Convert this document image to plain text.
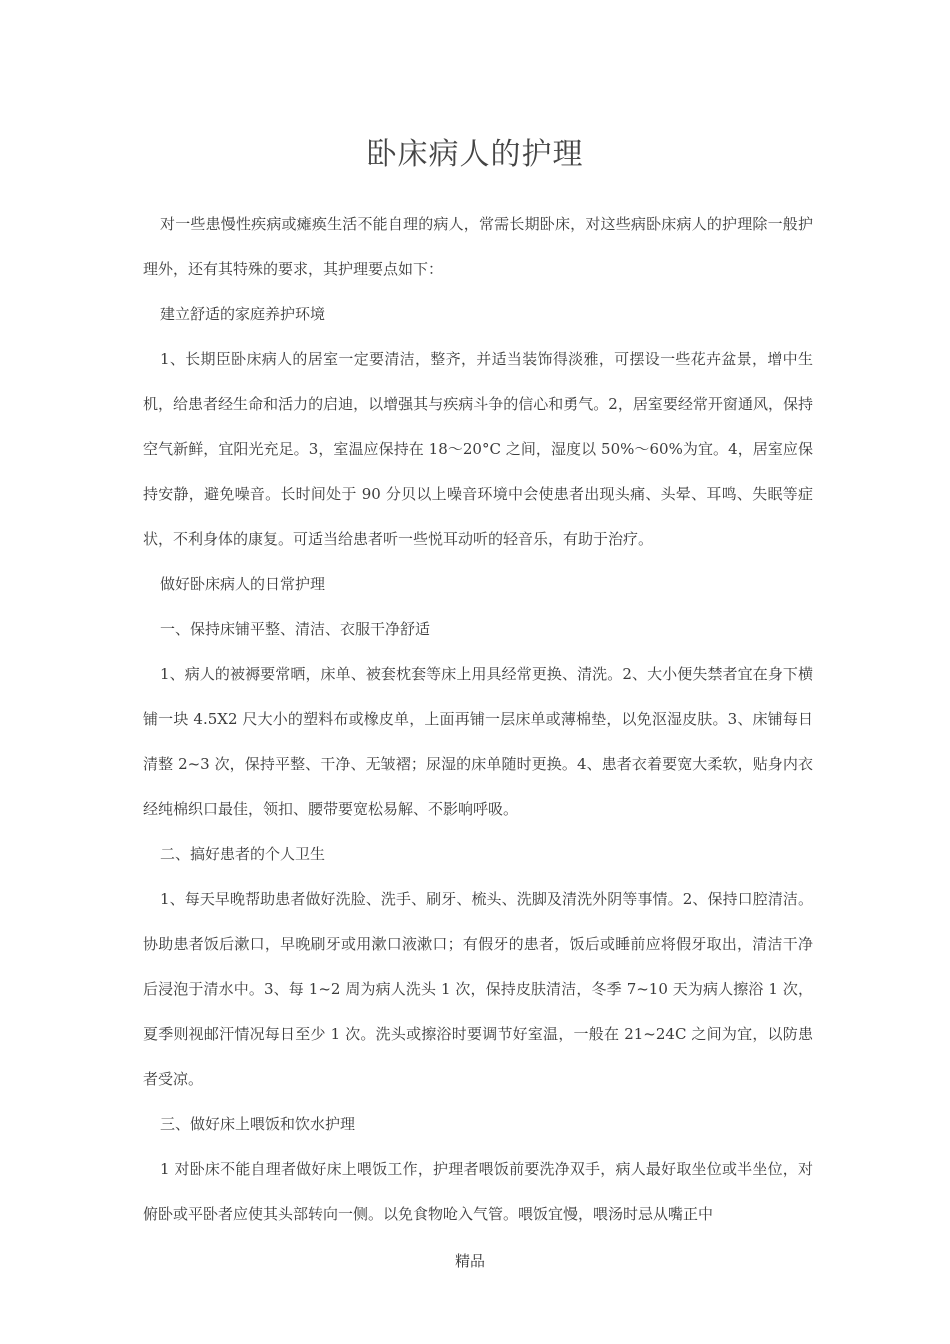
卧床病人的护理

对一些患慢性疾病或瘫痪生活不能自理的病人，常需长期卧床，对这些病卧床病人的护理除一般护理外，还有其特殊的要求，其护理要点如下：

建立舒适的家庭养护环境

1、长期臣卧床病人的居室一定要清洁，整齐，并适当装饰得淡雅，可摆设一些花卉盆景，增中生机，给患者经生命和活力的启迪，以增强其与疾病斗争的信心和勇气。2，居室要经常开窗通风，保持空气新鲜，宜阳光充足。3，室温应保持在 18〜20°C 之间，湿度以 50%〜60%为宜。4，居室应保持安静，避免噪音。长时间处于 90 分贝以上噪音环境中会使患者出现头痛、头晕、耳鸣、失眠等症状，不利身体的康复。可适当给患者听一些悦耳动听的轻音乐，有助于治疗。

做好卧床病人的日常护理

一、保持床铺平整、清洁、衣服干净舒适

1、病人的被褥要常晒，床单、被套枕套等床上用具经常更换、清洗。2、大小便失禁者宜在身下横铺一块 4.5X2 尺大小的塑料布或橡皮单，上面再铺一层床单或薄棉垫，以免沤湿皮肤。3、床铺每日清整 2~3 次，保持平整、干净、无皱褶；尿湿的床单随时更换。4、患者衣着要宽大柔软，贴身内衣经纯棉织口最佳，领扣、腰带要宽松易解、不影响呼吸。

二、搞好患者的个人卫生

1、每天早晚帮助患者做好洗脸、洗手、刷牙、梳头、洗脚及清洗外阴等事情。2、保持口腔清洁。协助患者饭后漱口，早晚刷牙或用漱口液漱口；有假牙的患者，饭后或睡前应将假牙取出，清洁干净后浸泡于清水中。3、每 1~2 周为病人洗头 1 次，保持皮肤清洁，冬季 7~10 天为病人擦浴 1 次，夏季则视邮汗情况每日至少 1 次。洗头或擦浴时要调节好室温，一般在 21~24C 之间为宜，以防患者受凉。

三、做好床上喂饭和饮水护理

1 对卧床不能自理者做好床上喂饭工作，护理者喂饭前要洗净双手，病人最好取坐位或半坐位，对俯卧或平卧者应使其头部转向一侧。以免食物呛入气管。喂饭宜慢，喂汤时忌从嘴正中

精品
